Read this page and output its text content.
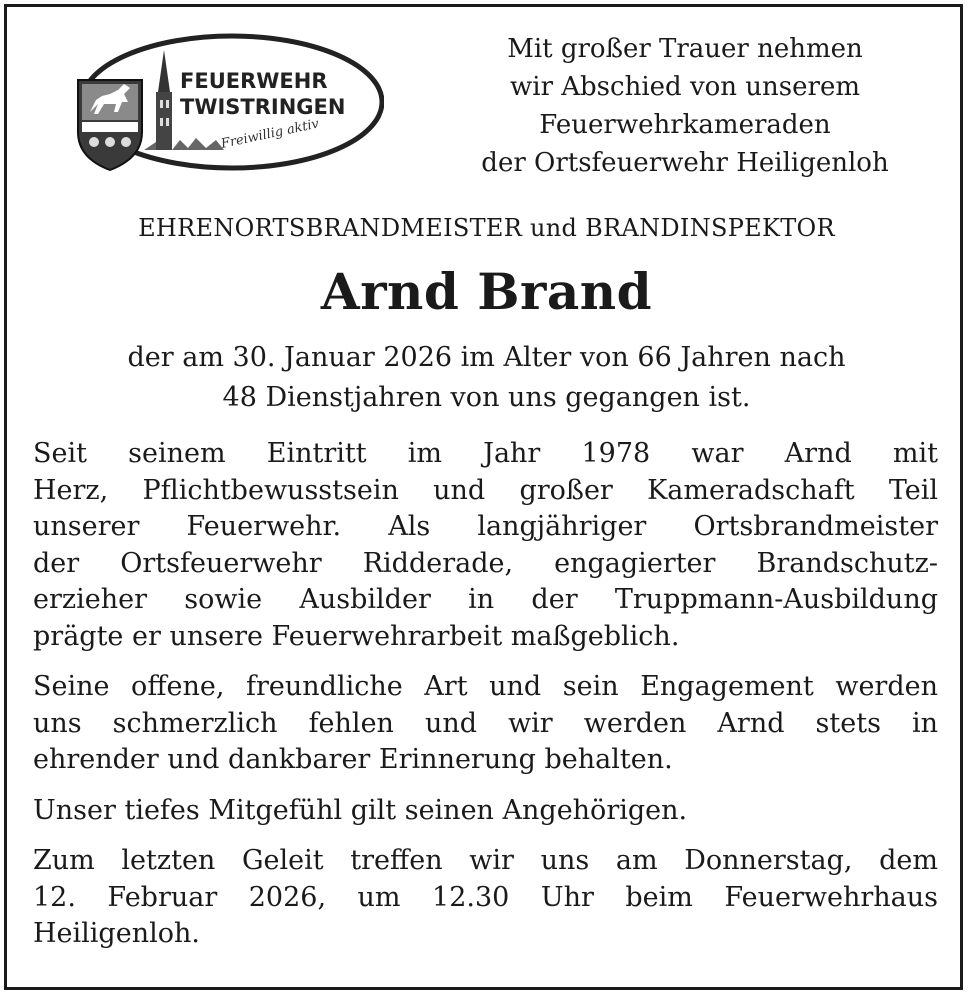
FEUERWEHR
TWISTRINGEN
Freiwillig aktiv
Mit großer Trauer nehmen
wir Abschied von unserem
Feuerwehrkameraden
der Ortsfeuerwehr Heiligenloh
EHRENORTSBRANDMEISTER und BRANDINSPEKTOR
Arnd Brand
der am 30. Januar 2026 im Alter von 66 Jahren nach
48 Dienstjahren von uns gegangen ist.

Seit seinem Eintritt im Jahr 1978 war Arnd mit
Herz, Pflichtbewusstsein und großer Kameradschaft Teil
unserer Feuerwehr. Als langjähriger Ortsbrandmeister
der Ortsfeuerwehr Ridderade, engagierter Brandschutz-
erzieher sowie Ausbilder in der Truppmann-Ausbildung
prägte er unsere Feuerwehrarbeit maßgeblich.

Seine offene, freundliche Art und sein Engagement werden
uns schmerzlich fehlen und wir werden Arnd stets in
ehrender und dankbarer Erinnerung behalten.

Unser tiefes Mitgefühl gilt seinen Angehörigen.

Zum letzten Geleit treffen wir uns am Donnerstag, dem
12. Februar 2026, um 12.30 Uhr beim Feuerwehrhaus
Heiligenloh.
